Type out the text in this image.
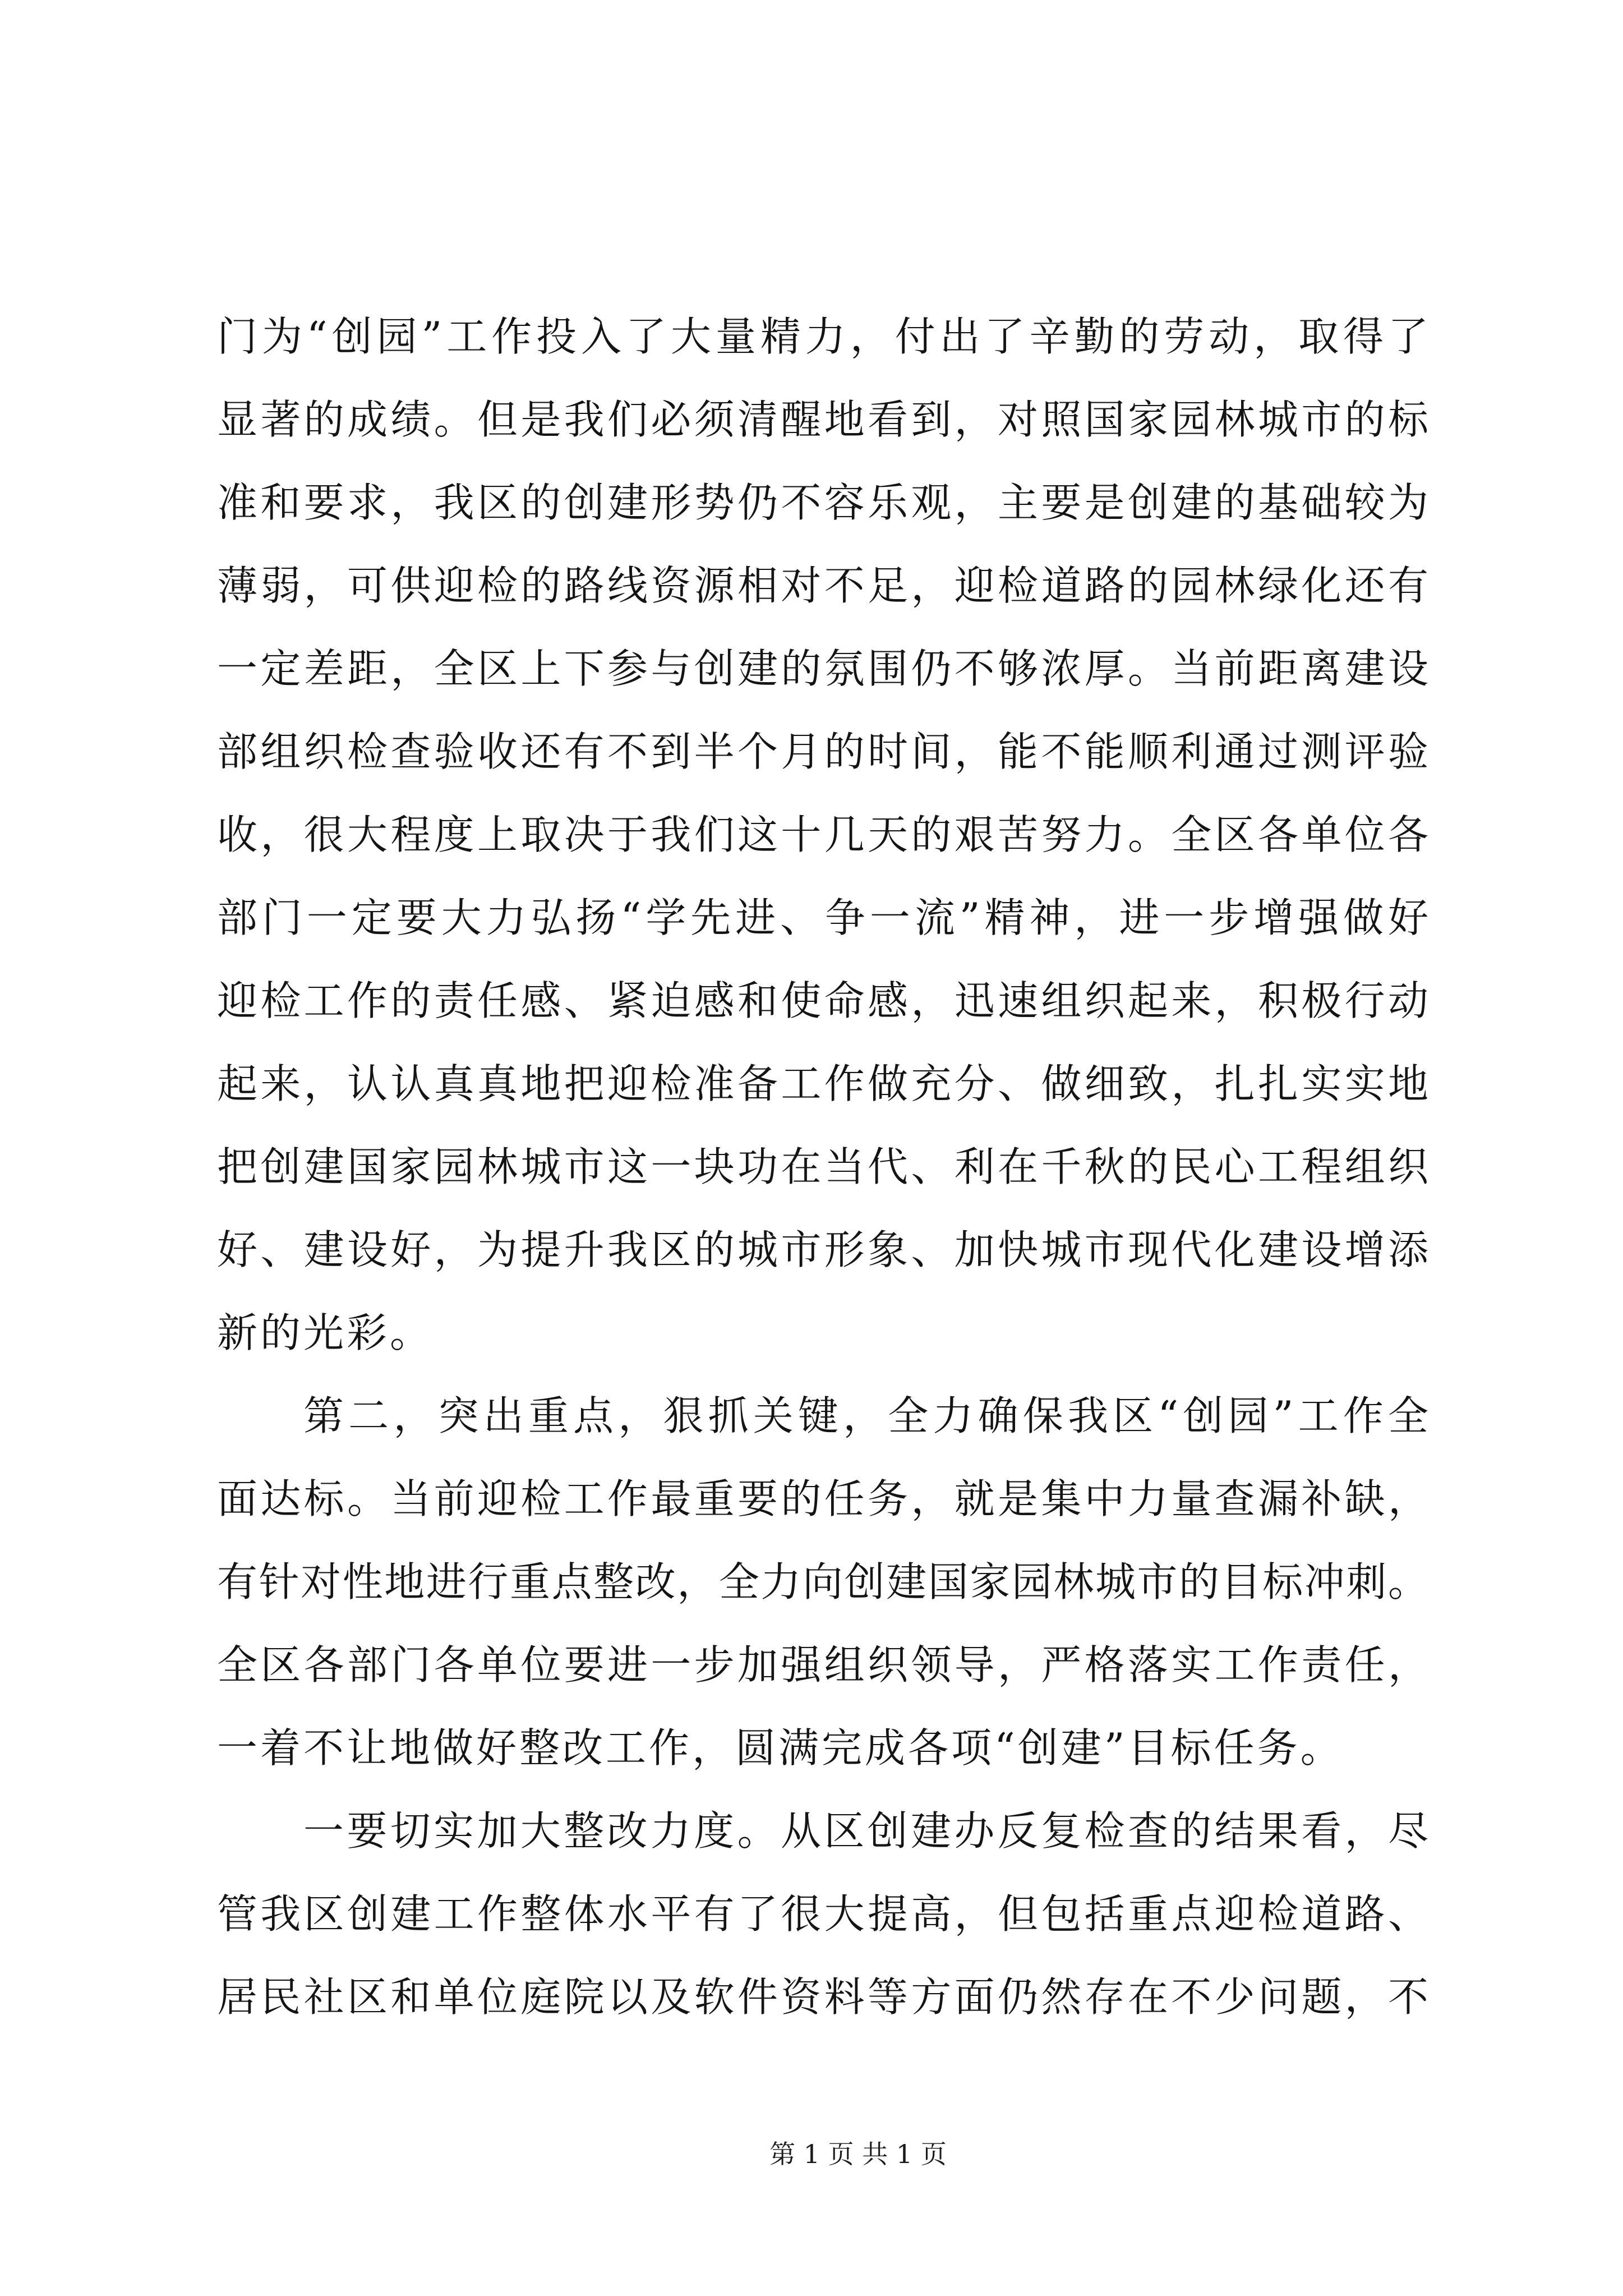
门为“创园”工作投入了大量精力，付出了辛勤的劳动，取得了
显著的成绩。但是我们必须清醒地看到，对照国家园林城市的标
准和要求，我区的创建形势仍不容乐观，主要是创建的基础较为
薄弱，可供迎检的路线资源相对不足，迎检道路的园林绿化还有
一定差距，全区上下参与创建的氛围仍不够浓厚。当前距离建设
部组织检查验收还有不到半个月的时间，能不能顺利通过测评验
收，很大程度上取决于我们这十几天的艰苦努力。全区各单位各
部门一定要大力弘扬“学先进、争一流”精神，进一步增强做好
迎检工作的责任感、紧迫感和使命感，迅速组织起来，积极行动
起来，认认真真地把迎检准备工作做充分、做细致，扎扎实实地
把创建国家园林城市这一块功在当代、利在千秋的民心工程组织
好、建设好，为提升我区的城市形象、加快城市现代化建设增添
新的光彩。
第二，突出重点，狠抓关键，全力确保我区“创园”工作全
面达标。当前迎检工作最重要的任务，就是集中力量查漏补缺，
有针对性地进行重点整改，全力向创建国家园林城市的目标冲刺。
全区各部门各单位要进一步加强组织领导，严格落实工作责任，
一着不让地做好整改工作，圆满完成各项“创建”目标任务。
一要切实加大整改力度。从区创建办反复检查的结果看，尽
管我区创建工作整体水平有了很大提高，但包括重点迎检道路、
居民社区和单位庭院以及软件资料等方面仍然存在不少问题，不
第 1 页 共 1 页
